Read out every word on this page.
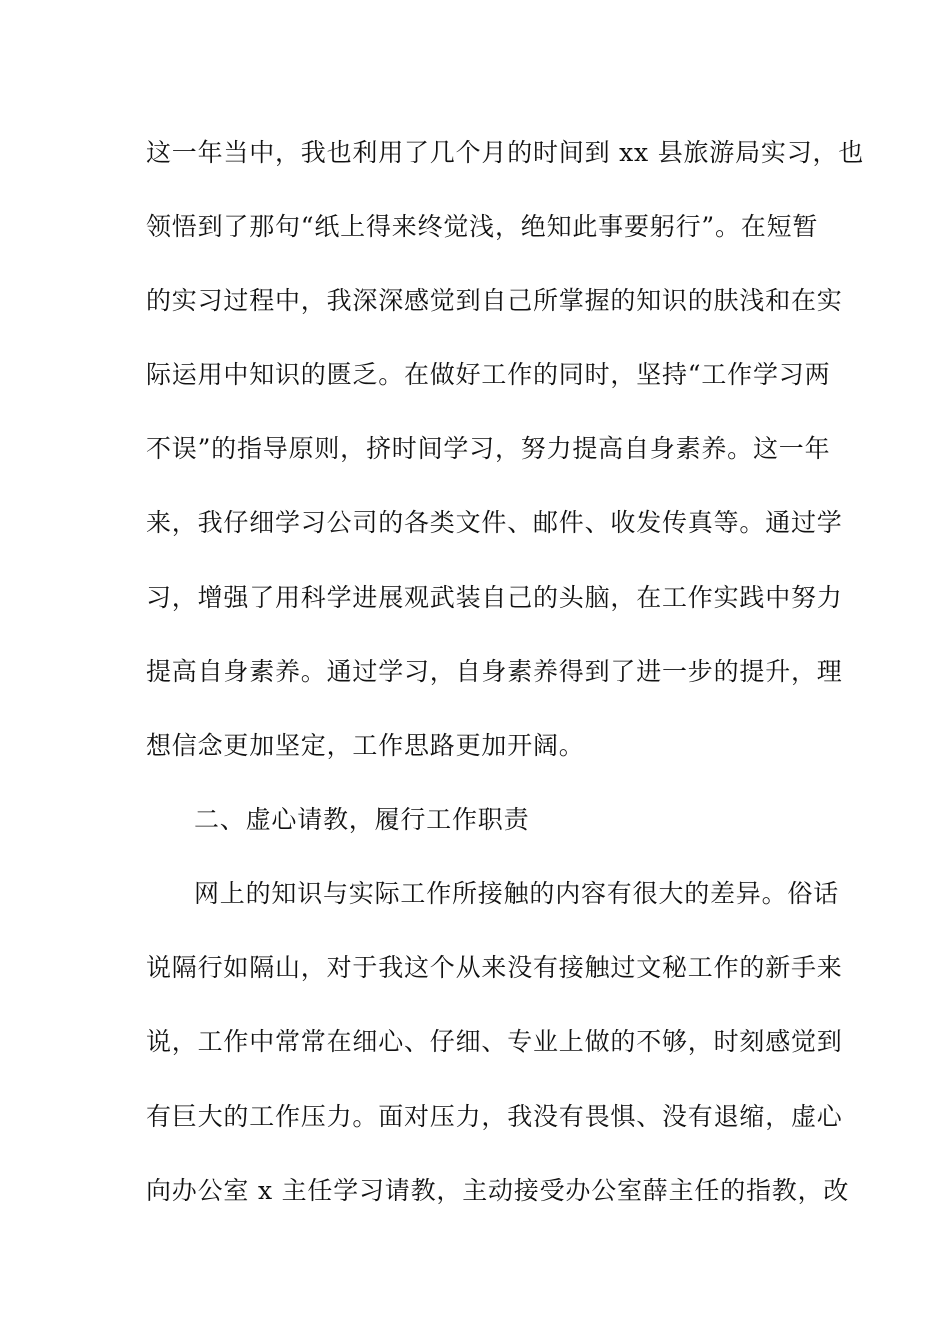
这一年当中，我也利用了几个月的时间到 xx 县旅游局实习，也
领悟到了那句“纸上得来终觉浅，绝知此事要躬行”。在短暂
的实习过程中，我深深感觉到自己所掌握的知识的肤浅和在实
际运用中知识的匮乏。在做好工作的同时，坚持“工作学习两
不误”的指导原则，挤时间学习，努力提高自身素养。这一年
来，我仔细学习公司的各类文件、邮件、收发传真等。通过学
习，增强了用科学进展观武装自己的头脑，在工作实践中努力
提高自身素养。通过学习，自身素养得到了进一步的提升，理
想信念更加坚定，工作思路更加开阔。
二、虚心请教，履行工作职责
网上的知识与实际工作所接触的内容有很大的差异。俗话
说隔行如隔山，对于我这个从来没有接触过文秘工作的新手来
说，工作中常常在细心、仔细、专业上做的不够，时刻感觉到
有巨大的工作压力。面对压力，我没有畏惧、没有退缩，虚心
向办公室 x 主任学习请教，主动接受办公室薛主任的指教，改
